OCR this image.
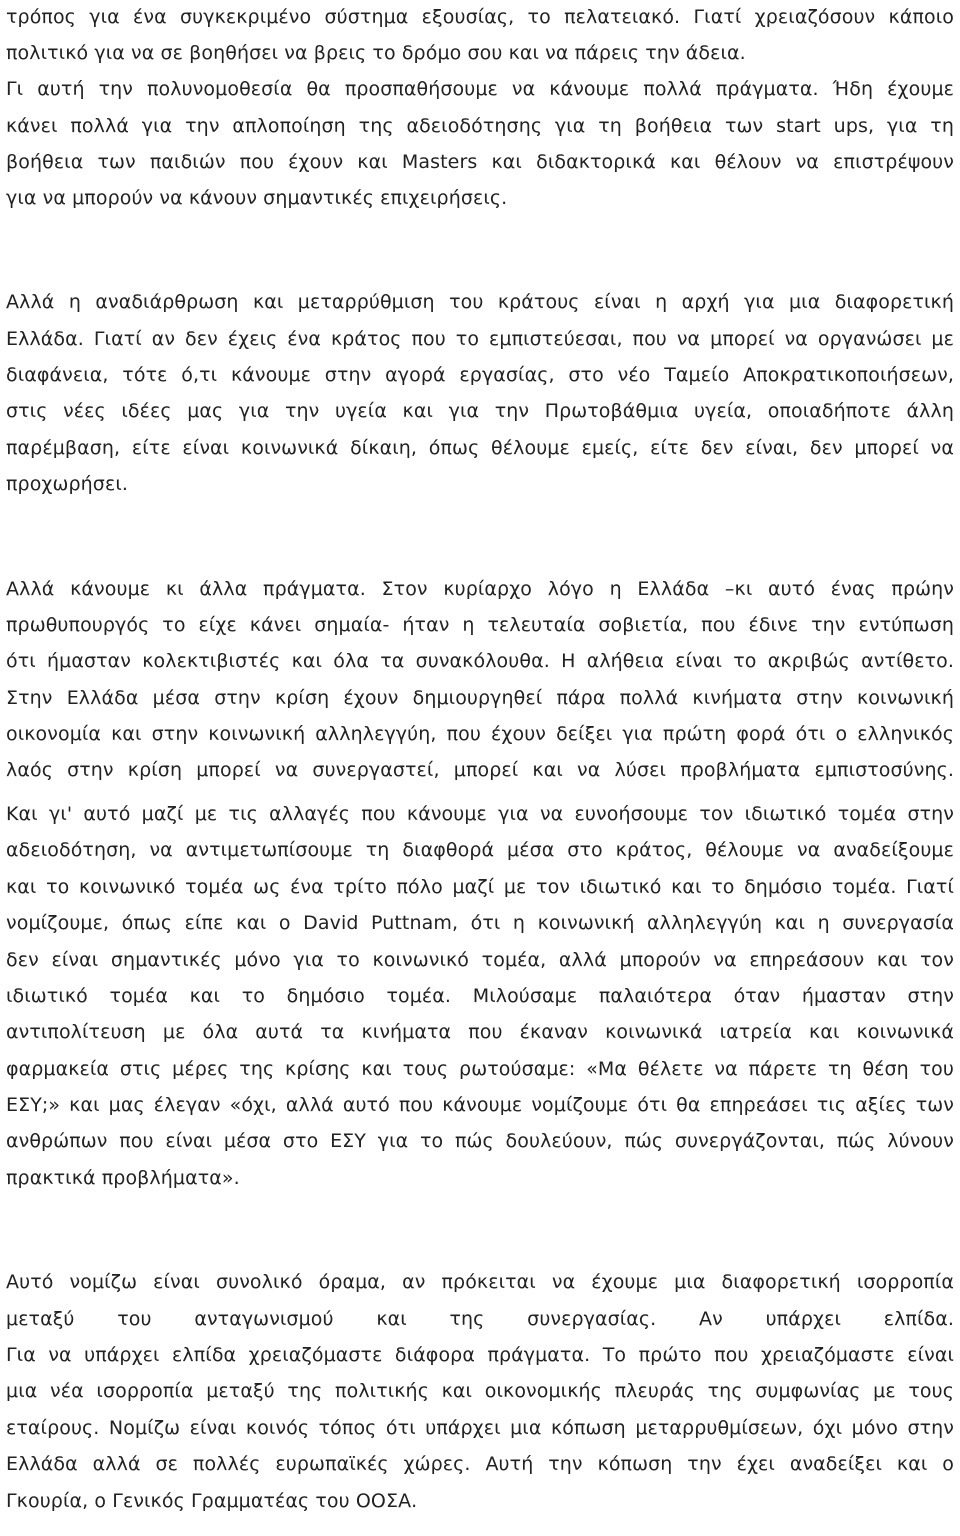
τρόπος για ένα συγκεκριμένο σύστημα εξουσίας, το πελατειακό. Γιατί χρειαζόσουν κάποιο
πολιτικό για να σε βοηθήσει να βρεις το δρόμο σου και να πάρεις την άδεια.
Γι αυτή την πολυνομοθεσία θα προσπαθήσουμε να κάνουμε πολλά πράγματα. Ήδη έχουμε
κάνει πολλά για την απλοποίηση της αδειοδότησης για τη βοήθεια των start ups, για τη
βοήθεια των παιδιών που έχουν και Masters και διδακτορικά και θέλουν να επιστρέψουν
για να μπορούν να κάνουν σημαντικές επιχειρήσεις.
Αλλά η αναδιάρθρωση και μεταρρύθμιση του κράτους είναι η αρχή για μια διαφορετική
Ελλάδα. Γιατί αν δεν έχεις ένα κράτος που το εμπιστεύεσαι, που να μπορεί να οργανώσει με
διαφάνεια, τότε ό,τι κάνουμε στην αγορά εργασίας, στο νέο Ταμείο Αποκρατικοποιήσεων,
στις νέες ιδέες μας για την υγεία και για την Πρωτοβάθμια υγεία, οποιαδήποτε άλλη
παρέμβαση, είτε είναι κοινωνικά δίκαιη, όπως θέλουμε εμείς, είτε δεν είναι, δεν μπορεί να
προχωρήσει.
Αλλά κάνουμε κι άλλα πράγματα. Στον κυρίαρχο λόγο η Ελλάδα –κι αυτό ένας πρώην
πρωθυπουργός το είχε κάνει σημαία- ήταν η τελευταία σοβιετία, που έδινε την εντύπωση
ότι ήμασταν κολεκτιβιστές και όλα τα συνακόλουθα. Η αλήθεια είναι το ακριβώς αντίθετο.
Στην Ελλάδα μέσα στην κρίση έχουν δημιουργηθεί πάρα πολλά κινήματα στην κοινωνική
οικονομία και στην κοινωνική αλληλεγγύη, που έχουν δείξει για πρώτη φορά ότι ο ελληνικός
λαός στην κρίση μπορεί να συνεργαστεί, μπορεί και να λύσει προβλήματα εμπιστοσύνης.
Και γι' αυτό μαζί με τις αλλαγές που κάνουμε για να ευνοήσουμε τον ιδιωτικό τομέα στην
αδειοδότηση, να αντιμετωπίσουμε τη διαφθορά μέσα στο κράτος, θέλουμε να αναδείξουμε
και το κοινωνικό τομέα ως ένα τρίτο πόλο μαζί με τον ιδιωτικό και το δημόσιο τομέα. Γιατί
νομίζουμε, όπως είπε και ο David Puttnam, ότι η κοινωνική αλληλεγγύη και η συνεργασία
δεν είναι σημαντικές μόνο για το κοινωνικό τομέα, αλλά μπορούν να επηρεάσουν και τον
ιδιωτικό τομέα και το δημόσιο τομέα. Μιλούσαμε παλαιότερα όταν ήμασταν στην
αντιπολίτευση με όλα αυτά τα κινήματα που έκαναν κοινωνικά ιατρεία και κοινωνικά
φαρμακεία στις μέρες της κρίσης και τους ρωτούσαμε: «Μα θέλετε να πάρετε τη θέση του
ΕΣΥ;» και μας έλεγαν «όχι, αλλά αυτό που κάνουμε νομίζουμε ότι θα επηρεάσει τις αξίες των
ανθρώπων που είναι μέσα στο ΕΣΥ για το πώς δουλεύουν, πώς συνεργάζονται, πώς λύνουν
πρακτικά προβλήματα».
Αυτό νομίζω είναι συνολικό όραμα, αν πρόκειται να έχουμε μια διαφορετική ισορροπία
μεταξύ του ανταγωνισμού και της συνεργασίας. Αν υπάρχει ελπίδα.
Για να υπάρχει ελπίδα χρειαζόμαστε διάφορα πράγματα. Το πρώτο που χρειαζόμαστε είναι
μια νέα ισορροπία μεταξύ της πολιτικής και οικονομικής πλευράς της συμφωνίας με τους
εταίρους. Νομίζω είναι κοινός τόπος ότι υπάρχει μια κόπωση μεταρρυθμίσεων, όχι μόνο στην
Ελλάδα αλλά σε πολλές ευρωπαϊκές χώρες. Αυτή την κόπωση την έχει αναδείξει και ο
Γκουρία, ο Γενικός Γραμματέας του ΟΟΣΑ.
